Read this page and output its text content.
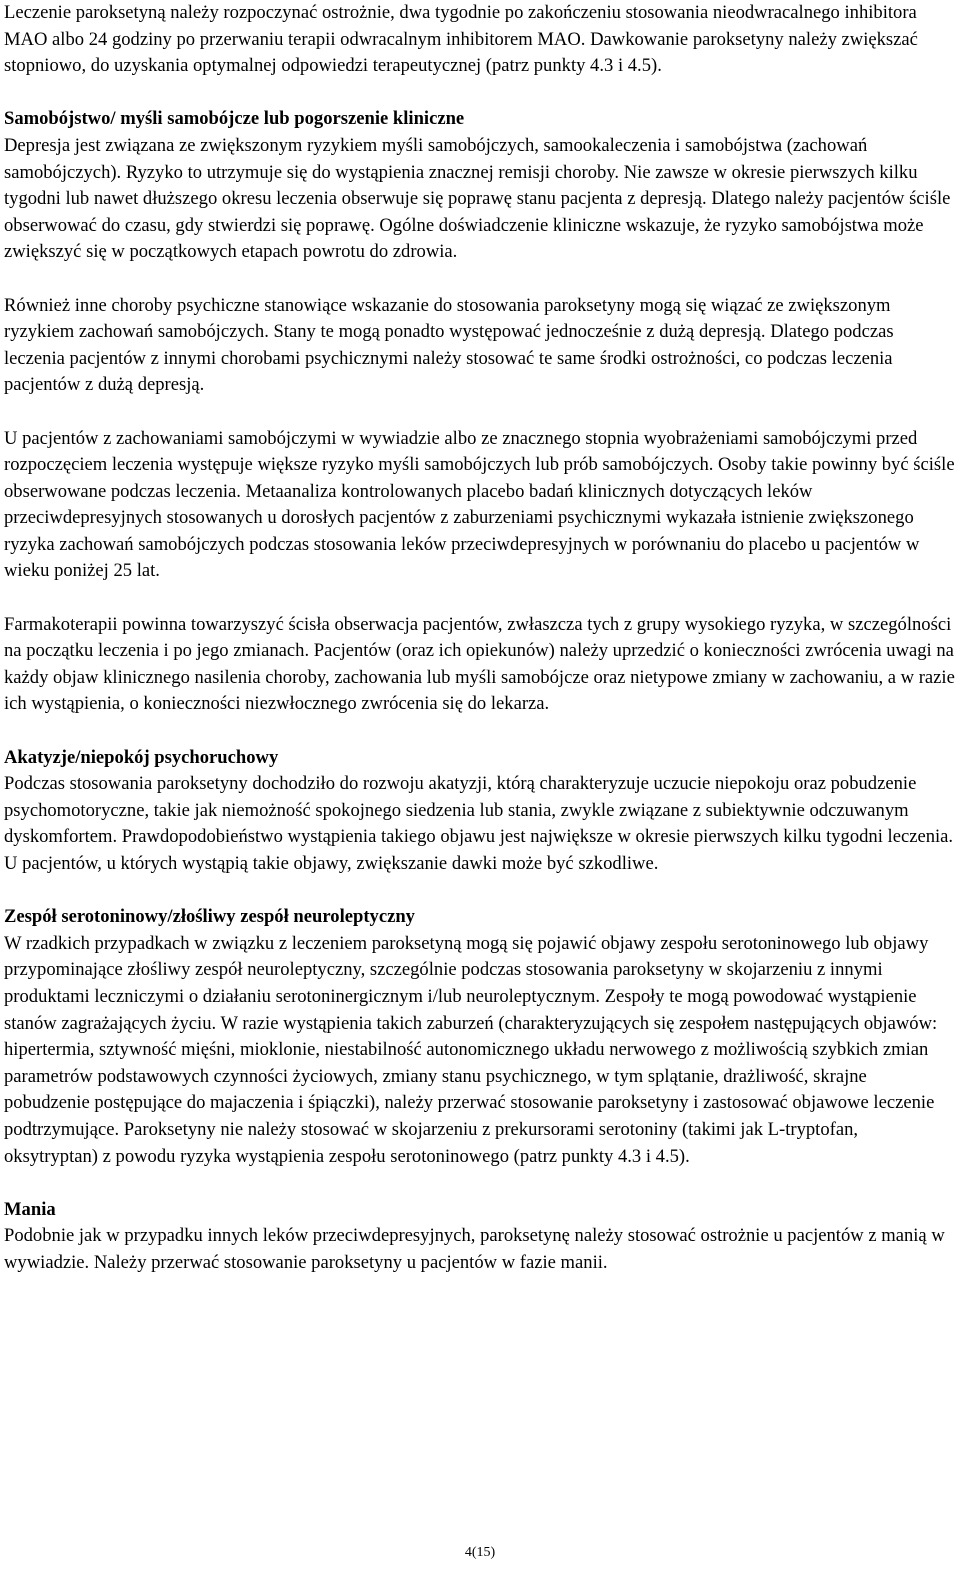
Leczenie paroksetyną należy rozpoczynać ostrożnie, dwa tygodnie po zakończeniu stosowania nieodwracalnego inhibitora MAO albo 24 godziny po przerwaniu terapii odwracalnym inhibitorem MAO. Dawkowanie paroksetyny należy zwiększać stopniowo, do uzyskania optymalnej odpowiedzi terapeutycznej (patrz punkty 4.3 i 4.5).

Samobójstwo/ myśli samobójcze lub pogorszenie kliniczne

Depresja jest związana ze zwiększonym ryzykiem myśli samobójczych, samookaleczenia i samobójstwa (zachowań samobójczych). Ryzyko to utrzymuje się do wystąpienia znacznej remisji choroby. Nie zawsze w okresie pierwszych kilku tygodni lub nawet dłuższego okresu leczenia obserwuje się poprawę stanu pacjenta z depresją. Dlatego należy pacjentów ściśle obserwować do czasu, gdy stwierdzi się poprawę. Ogólne doświadczenie kliniczne wskazuje, że ryzyko samobójstwa może zwiększyć się w początkowych etapach powrotu do zdrowia.

Również inne choroby psychiczne stanowiące wskazanie do stosowania paroksetyny mogą się wiązać ze zwiększonym ryzykiem zachowań samobójczych. Stany te mogą ponadto występować jednocześnie z dużą depresją. Dlatego podczas leczenia pacjentów z innymi chorobami psychicznymi należy stosować te same środki ostrożności, co podczas leczenia pacjentów z dużą depresją.

U pacjentów z zachowaniami samobójczymi w wywiadzie albo ze znacznego stopnia wyobrażeniami samobójczymi przed rozpoczęciem leczenia występuje większe ryzyko myśli samobójczych lub prób samobójczych. Osoby takie powinny być ściśle obserwowane podczas leczenia. Metaanaliza kontrolowanych placebo badań klinicznych dotyczących leków przeciwdepresyjnych stosowanych u dorosłych pacjentów z zaburzeniami psychicznymi wykazała istnienie zwiększonego ryzyka zachowań samobójczych podczas stosowania leków przeciwdepresyjnych w porównaniu do placebo u pacjentów w wieku poniżej 25 lat.

Farmakoterapii powinna towarzyszyć ścisła obserwacja pacjentów, zwłaszcza tych z grupy wysokiego ryzyka, w szczególności na początku leczenia i po jego zmianach. Pacjentów (oraz ich opiekunów) należy uprzedzić o konieczności zwrócenia uwagi na każdy objaw klinicznego nasilenia choroby, zachowania lub myśli samobójcze oraz nietypowe zmiany w zachowaniu, a w razie ich wystąpienia, o konieczności niezwłocznego zwrócenia się do lekarza.

Akatyzje/niepokój psychoruchowy

Podczas stosowania paroksetyny dochodziło do rozwoju akatyzji, którą charakteryzuje uczucie niepokoju oraz pobudzenie psychomotoryczne, takie jak niemożność spokojnego siedzenia lub stania, zwykle związane z subiektywnie odczuwanym dyskomfortem. Prawdopodobieństwo wystąpienia takiego objawu jest największe w okresie pierwszych kilku tygodni leczenia. U pacjentów, u których wystąpią takie objawy, zwiększanie dawki może być szkodliwe.

Zespół serotoninowy/złośliwy zespół neuroleptyczny

W rzadkich przypadkach w związku z leczeniem paroksetyną mogą się pojawić objawy zespołu serotoninowego lub objawy przypominające złośliwy zespół neuroleptyczny, szczególnie podczas stosowania paroksetyny w skojarzeniu z innymi produktami leczniczymi o działaniu serotoninergicznym i/lub neuroleptycznym. Zespoły te mogą powodować wystąpienie stanów zagrażających życiu. W razie wystąpienia takich zaburzeń (charakteryzujących się zespołem następujących objawów: hipertermia, sztywność mięśni, mioklonie, niestabilność autonomicznego układu nerwowego z możliwością szybkich zmian parametrów podstawowych czynności życiowych, zmiany stanu psychicznego, w tym splątanie, drażliwość, skrajne pobudzenie postępujące do majaczenia i śpiączki), należy przerwać stosowanie paroksetyny i zastosować objawowe leczenie podtrzymujące. Paroksetyny nie należy stosować w skojarzeniu z prekursorami serotoniny (takimi jak L-tryptofan, oksytryptan) z powodu ryzyka wystąpienia zespołu serotoninowego (patrz punkty 4.3 i 4.5).

Mania

Podobnie jak w przypadku innych leków przeciwdepresyjnych, paroksetynę należy stosować ostrożnie u pacjentów z manią w wywiadzie. Należy przerwać stosowanie paroksetyny u pacjentów w fazie manii.

4(15)
